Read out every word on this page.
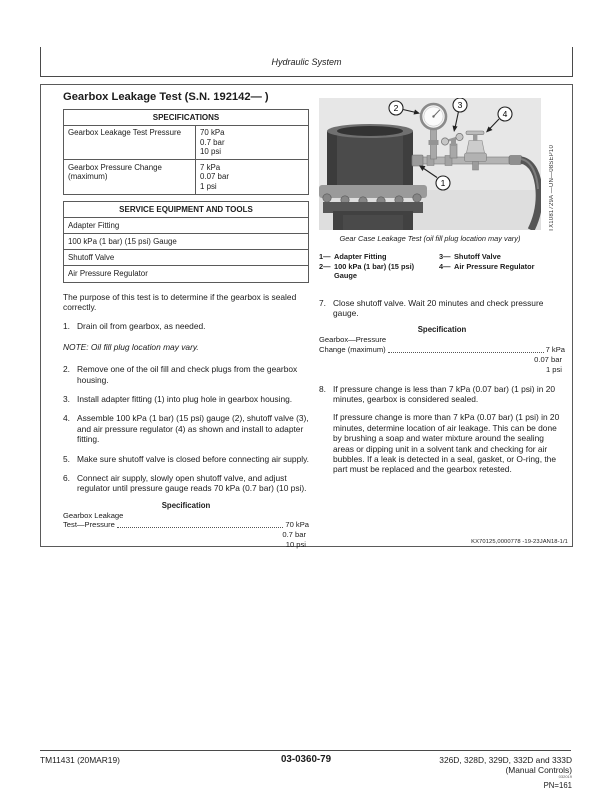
Hydraulic System
Gearbox Leakage Test (S.N. 192142— )
SPECIFICATIONS
Gearbox Leakage Test Pressure	70 kPa
0.7 bar
10 psi
Gearbox Pressure Change (maximum)
7 kPa
0.07 bar
1 psi
SERVICE EQUIPMENT AND TOOLS
Adapter Fitting
100 kPa (1 bar) (15 psi) Gauge
Shutoff Valve
Air Pressure Regulator
The purpose of this test is to determine if the gearbox is sealed correctly.
1. Drain oil from gearbox, as needed.
NOTE: Oil fill plug location may vary.
2. Remove one of the oil fill and check plugs from the gearbox housing.
3. Install adapter fitting (1) into plug hole in gearbox housing.
4. Assemble 100 kPa (1 bar) (15 psi) gauge (2), shutoff valve (3), and air pressure regulator (4) as shown and install to adapter fitting.
5. Make sure shutoff valve is closed before connecting air supply.
6. Connect air supply, slowly open shutoff valve, and adjust regulator until pressure gauge reads 70 kPa (0.7 bar) (10 psi).
Specification
Gearbox Leakage
Test—Pressure	70 kPa
0.7 bar
10 psi
2	3
4
1	TX1081729A —UN—08SEP10
Gear Case Leakage Test (oil fill plug location may vary)
1— Adapter Fitting
2— 100 kPa (1 bar) (15 psi) Gauge
3— Shutoff Valve
4— Air Pressure Regulator
7. Close shutoff valve. Wait 20 minutes and check pressure gauge.
Specification
Gearbox—Pressure
Change (maximum)	7 kPa
0.07 bar
1 psi
8. If pressure change is less than 7 kPa (0.07 bar) (1 psi) in 20 minutes, gearbox is considered sealed.
If pressure change is more than 7 kPa (0.07 bar) (1 psi) in 20 minutes, determine location of air leakage. This can be done by brushing a soap and water mixture around the sealing areas or dipping unit in a solvent tank and checking for air bubbles. If a leak is detected in a seal, gasket, or O-ring, the part must be replaced and the gearbox retested.
KX70125,0000778 -19-23JAN18-1/1
TM11431 (20MAR19)	03-0360-79	326D, 328D, 329D, 332D and 333D
(Manual Controls)
032019
PN=161
